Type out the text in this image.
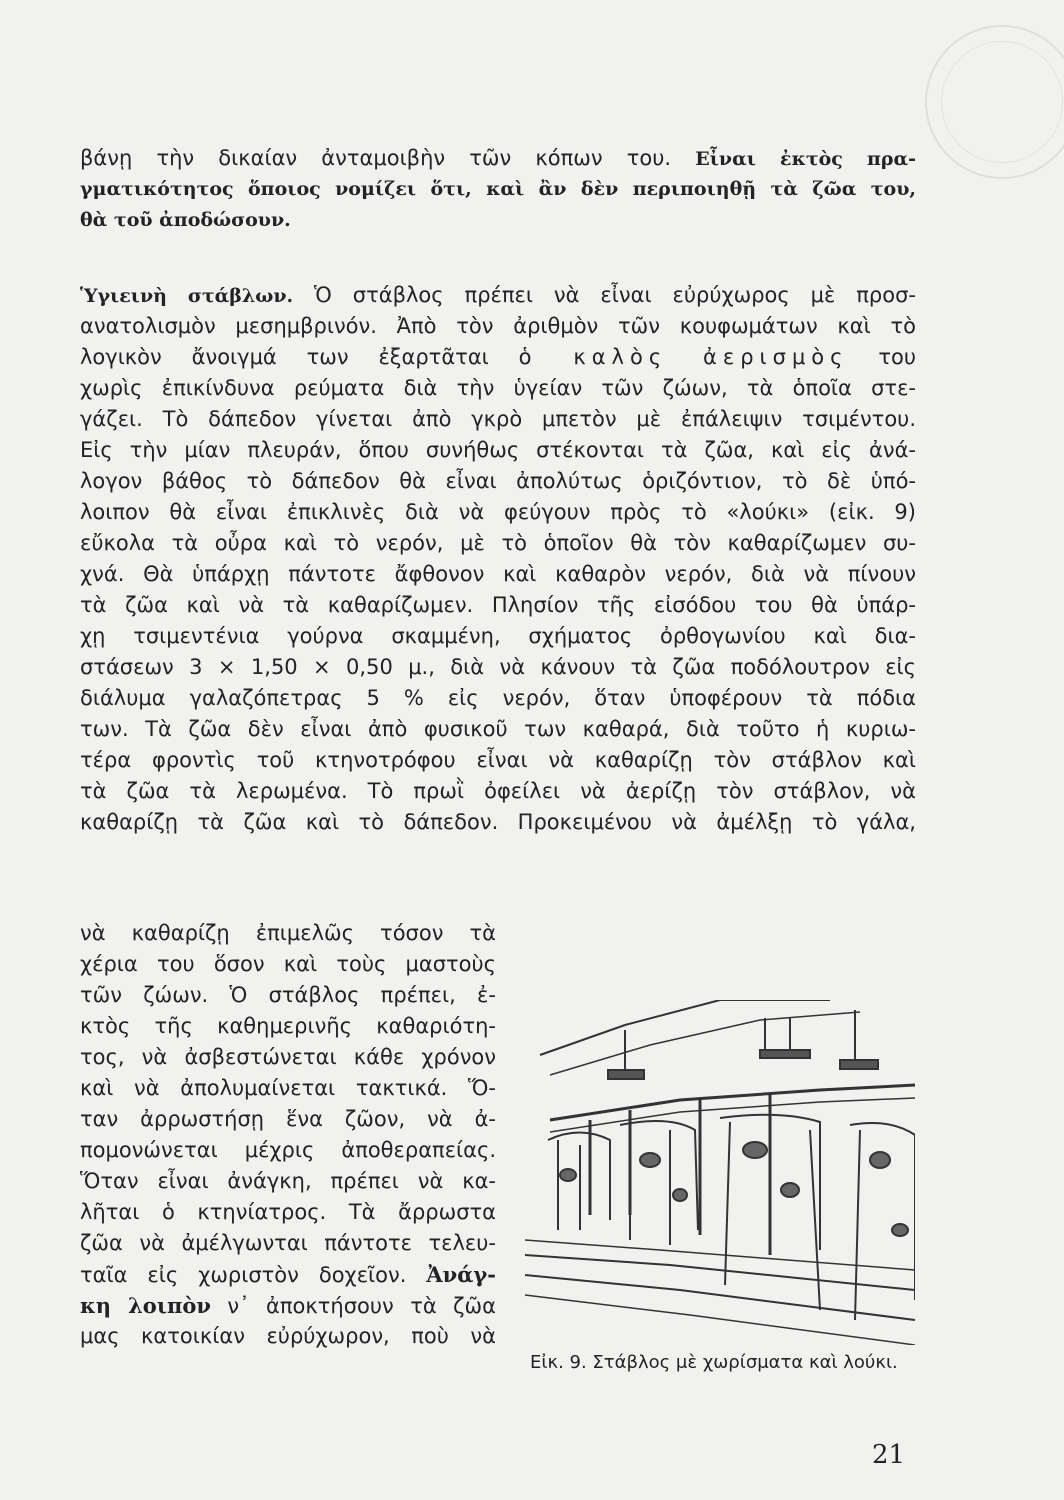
βάνῃ τὴν δικαίαν ἀνταμοιβὴν τῶν κόπων του. Εἶναι ἐκτὸς πρα-
γματικότητος ὅποιος νομίζει ὅτι, καὶ ἂν δὲν περιποιηθῇ τὰ ζῶα του,
θὰ τοῦ ἀποδώσουν.
Ὑγιεινὴ στάβλων. Ὁ στάβλος πρέπει νὰ εἶναι εὐρύχωρος μὲ προσ-
ανατολισμὸν μεσημβρινόν. Ἀπὸ τὸν ἀριθμὸν τῶν κουφωμάτων καὶ τὸ
λογικὸν ἄνοιγμά των ἐξαρτᾶται ὁ καλὸς ἀερισμὸς του
χωρὶς ἐπικίνδυνα ρεύματα διὰ τὴν ὑγείαν τῶν ζώων, τὰ ὁποῖα στε-
γάζει. Τὸ δάπεδον γίνεται ἀπὸ γκρὸ μπετὸν μὲ ἐπάλειψιν τσιμέντου.
Εἰς τὴν μίαν πλευράν, ὅπου συνήθως στέκονται τὰ ζῶα, καὶ εἰς ἀνά-
λογον βάθος τὸ δάπεδον θὰ εἶναι ἀπολύτως ὁριζόντιον, τὸ δὲ ὑπό-
λοιπον θὰ εἶναι ἐπικλινὲς διὰ νὰ φεύγουν πρὸς τὸ «λούκι» (εἰκ. 9)
εὔκολα τὰ οὖρα καὶ τὸ νερόν, μὲ τὸ ὁποῖον θὰ τὸν καθαρίζωμεν συ-
χνά. Θὰ ὑπάρχῃ πάντοτε ἄφθονον καὶ καθαρὸν νερόν, διὰ νὰ πίνουν
τὰ ζῶα καὶ νὰ τὰ καθαρίζωμεν. Πλησίον τῆς εἰσόδου του θὰ ὑπάρ-
χῃ τσιμεντένια γούρνα σκαμμένη, σχήματος ὀρθογωνίου καὶ δια-
στάσεων 3 × 1,50 × 0,50 μ., διὰ νὰ κάνουν τὰ ζῶα ποδόλουτρον εἰς
διάλυμα γαλαζόπετρας 5 % εἰς νερόν, ὅταν ὑποφέρουν τὰ πόδια
των. Τὰ ζῶα δὲν εἶναι ἀπὸ φυσικοῦ των καθαρά, διὰ τοῦτο ἡ κυριω-
τέρα φροντὶς τοῦ κτηνοτρόφου εἶναι νὰ καθαρίζῃ τὸν στάβλον καὶ
τὰ ζῶα τὰ λερωμένα. Τὸ πρωῒ ὀφείλει νὰ ἀερίζῃ τὸν στάβλον, νὰ
καθαρίζῃ τὰ ζῶα καὶ τὸ δάπεδον. Προκειμένου νὰ ἀμέλξῃ τὸ γάλα,
νὰ καθαρίζῃ ἐπιμελῶς τόσον τὰ
χέρια του ὅσον καὶ τοὺς μαστοὺς
τῶν ζώων. Ὁ στάβλος πρέπει, ἐ-
κτὸς τῆς καθημερινῆς καθαριότη-
τος, νὰ ἀσβεστώνεται κάθε χρόνον
καὶ νὰ ἀπολυμαίνεται τακτικά. Ὅ-
ταν ἀρρωστήσῃ ἕνα ζῶον, νὰ ἀ-
πομονώνεται μέχρις ἀποθεραπείας.
Ὅταν εἶναι ἀνάγκη, πρέπει νὰ κα-
λῆται ὁ κτηνίατρος. Τὰ ἄρρωστα
ζῶα νὰ ἀμέλγωνται πάντοτε τελευ-
ταῖα εἰς χωριστὸν δοχεῖον. Ἀνάγ-
κη λοιπὸν ν᾿ ἀποκτήσουν τὰ ζῶα
μας κατοικίαν εὐρύχωρον, ποὺ νὰ
Εἰκ. 9. Στάβλος μὲ χωρίσματα καὶ λούκι.
21
